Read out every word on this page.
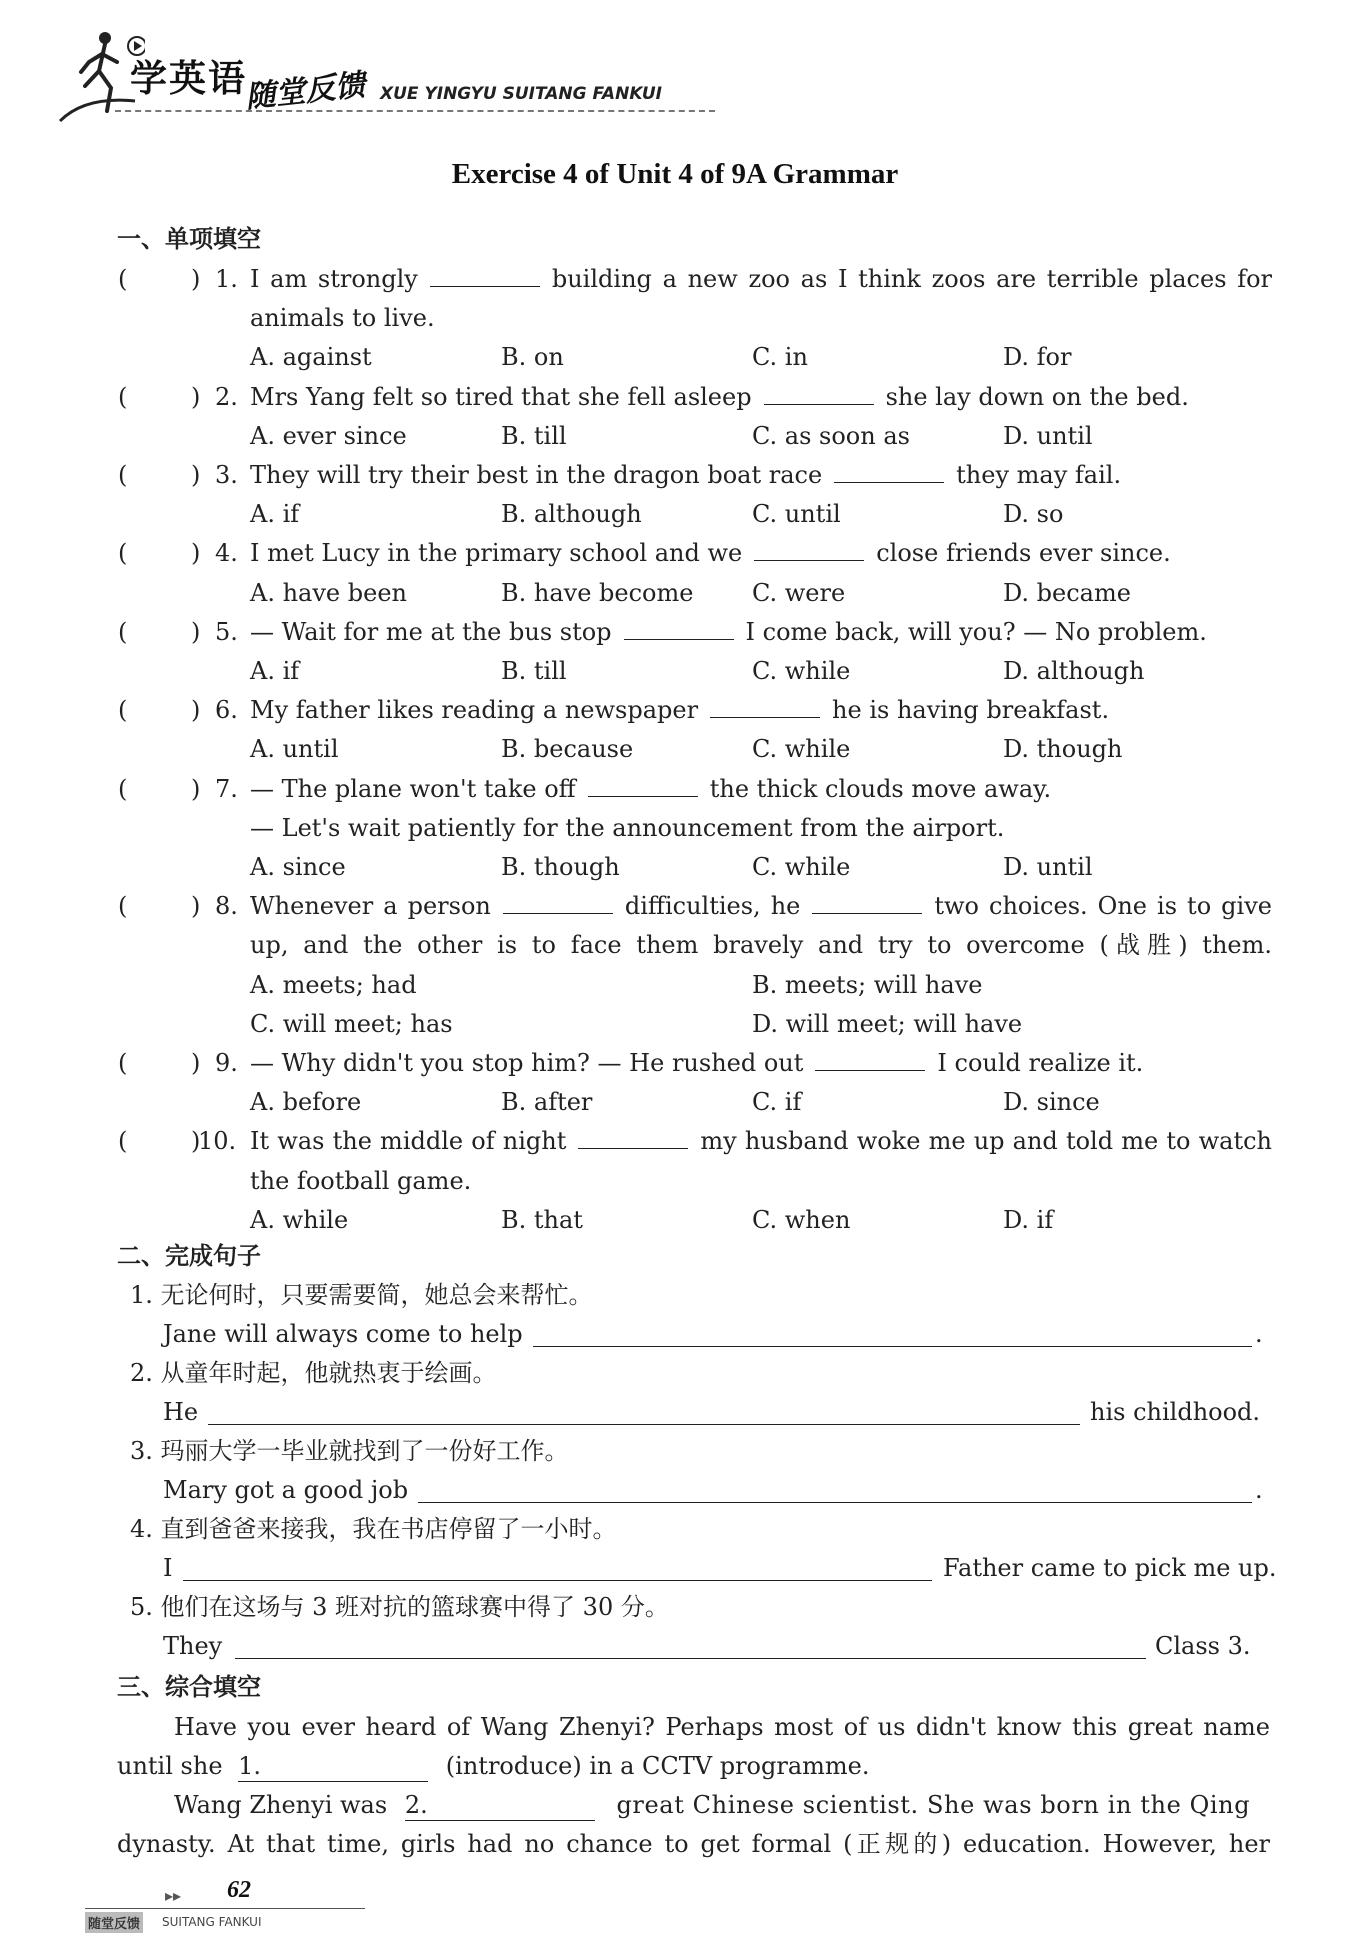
学英语
随堂反馈 XUE YINGYU SUITANG FANKUI
Exercise 4 of Unit 4 of 9A Grammar
一、单项填空
(	) 1. I am strongly	building a new zoo as I think zoos are terrible places for
animals to live.
A. against	B. on	C. in	D. for
(	) 2. Mrs Yang felt so tired that she fell asleep	she lay down on the bed.
A. ever since	B. till	C. as soon as	D. until
(	) 3. They will try their best in the dragon boat race	they may fail.
A. if	B. although	C. until	D. so
(	) 4. I met Lucy in the primary school and we	close friends ever since.
A. have been	B. have become C. were	D. became
(	) 5. — Wait for me at the bus stop	I come back, will you? — No problem.
A. if	B. till	C. while	D. although
(	) 6. My father likes reading a newspaper	he is having breakfast.
A. until	B. because	C. while	D. though
(	) 7. — The plane won't take off	the thick clouds move away.
— Let's wait patiently for the announcement from the airport.
A. since	B. though	C. while	D. until
(	) 8. Whenever a person	difficulties, he	two choices. One is to give
up, and the other is to face them bravely and try to overcome (战胜) them.
A. meets; had	B. meets; will have
C. will meet; has	D. will meet; will have
(	) 9. — Why didn't you stop him? — He rushed out	I could realize it.
A. before	B. after	C. if	D. since
(	)
10. It was the middle of night	my husband woke me up and told me to watch
the football game.
A. while	B. that	C. when	D. if
二、完成句子
1. 无论何时，只要需要简，她总会来帮忙。
Jane will always come to help	.
2. 从童年时起，他就热衷于绘画。
He	his childhood.
3. 玛丽大学一毕业就找到了一份好工作。
Mary got a good job	.
4. 直到爸爸来接我，我在书店停留了一小时。
I	Father came to pick me up.
5. 他们在这场与 3 班对抗的篮球赛中得了 30 分。
They	Class 3.
三、综合填空
Have you ever heard of Wang Zhenyi? Perhaps most of us didn't know this great name
until she 1.	(introduce) in a CCTV programme.
Wang Zhenyi was 2.	great Chinese scientist. She was born in the Qing
dynasty. At that time, girls had no chance to get formal (正规的) education. However, her
▸▸ 62
随堂反馈 SUITANG FANKUI
